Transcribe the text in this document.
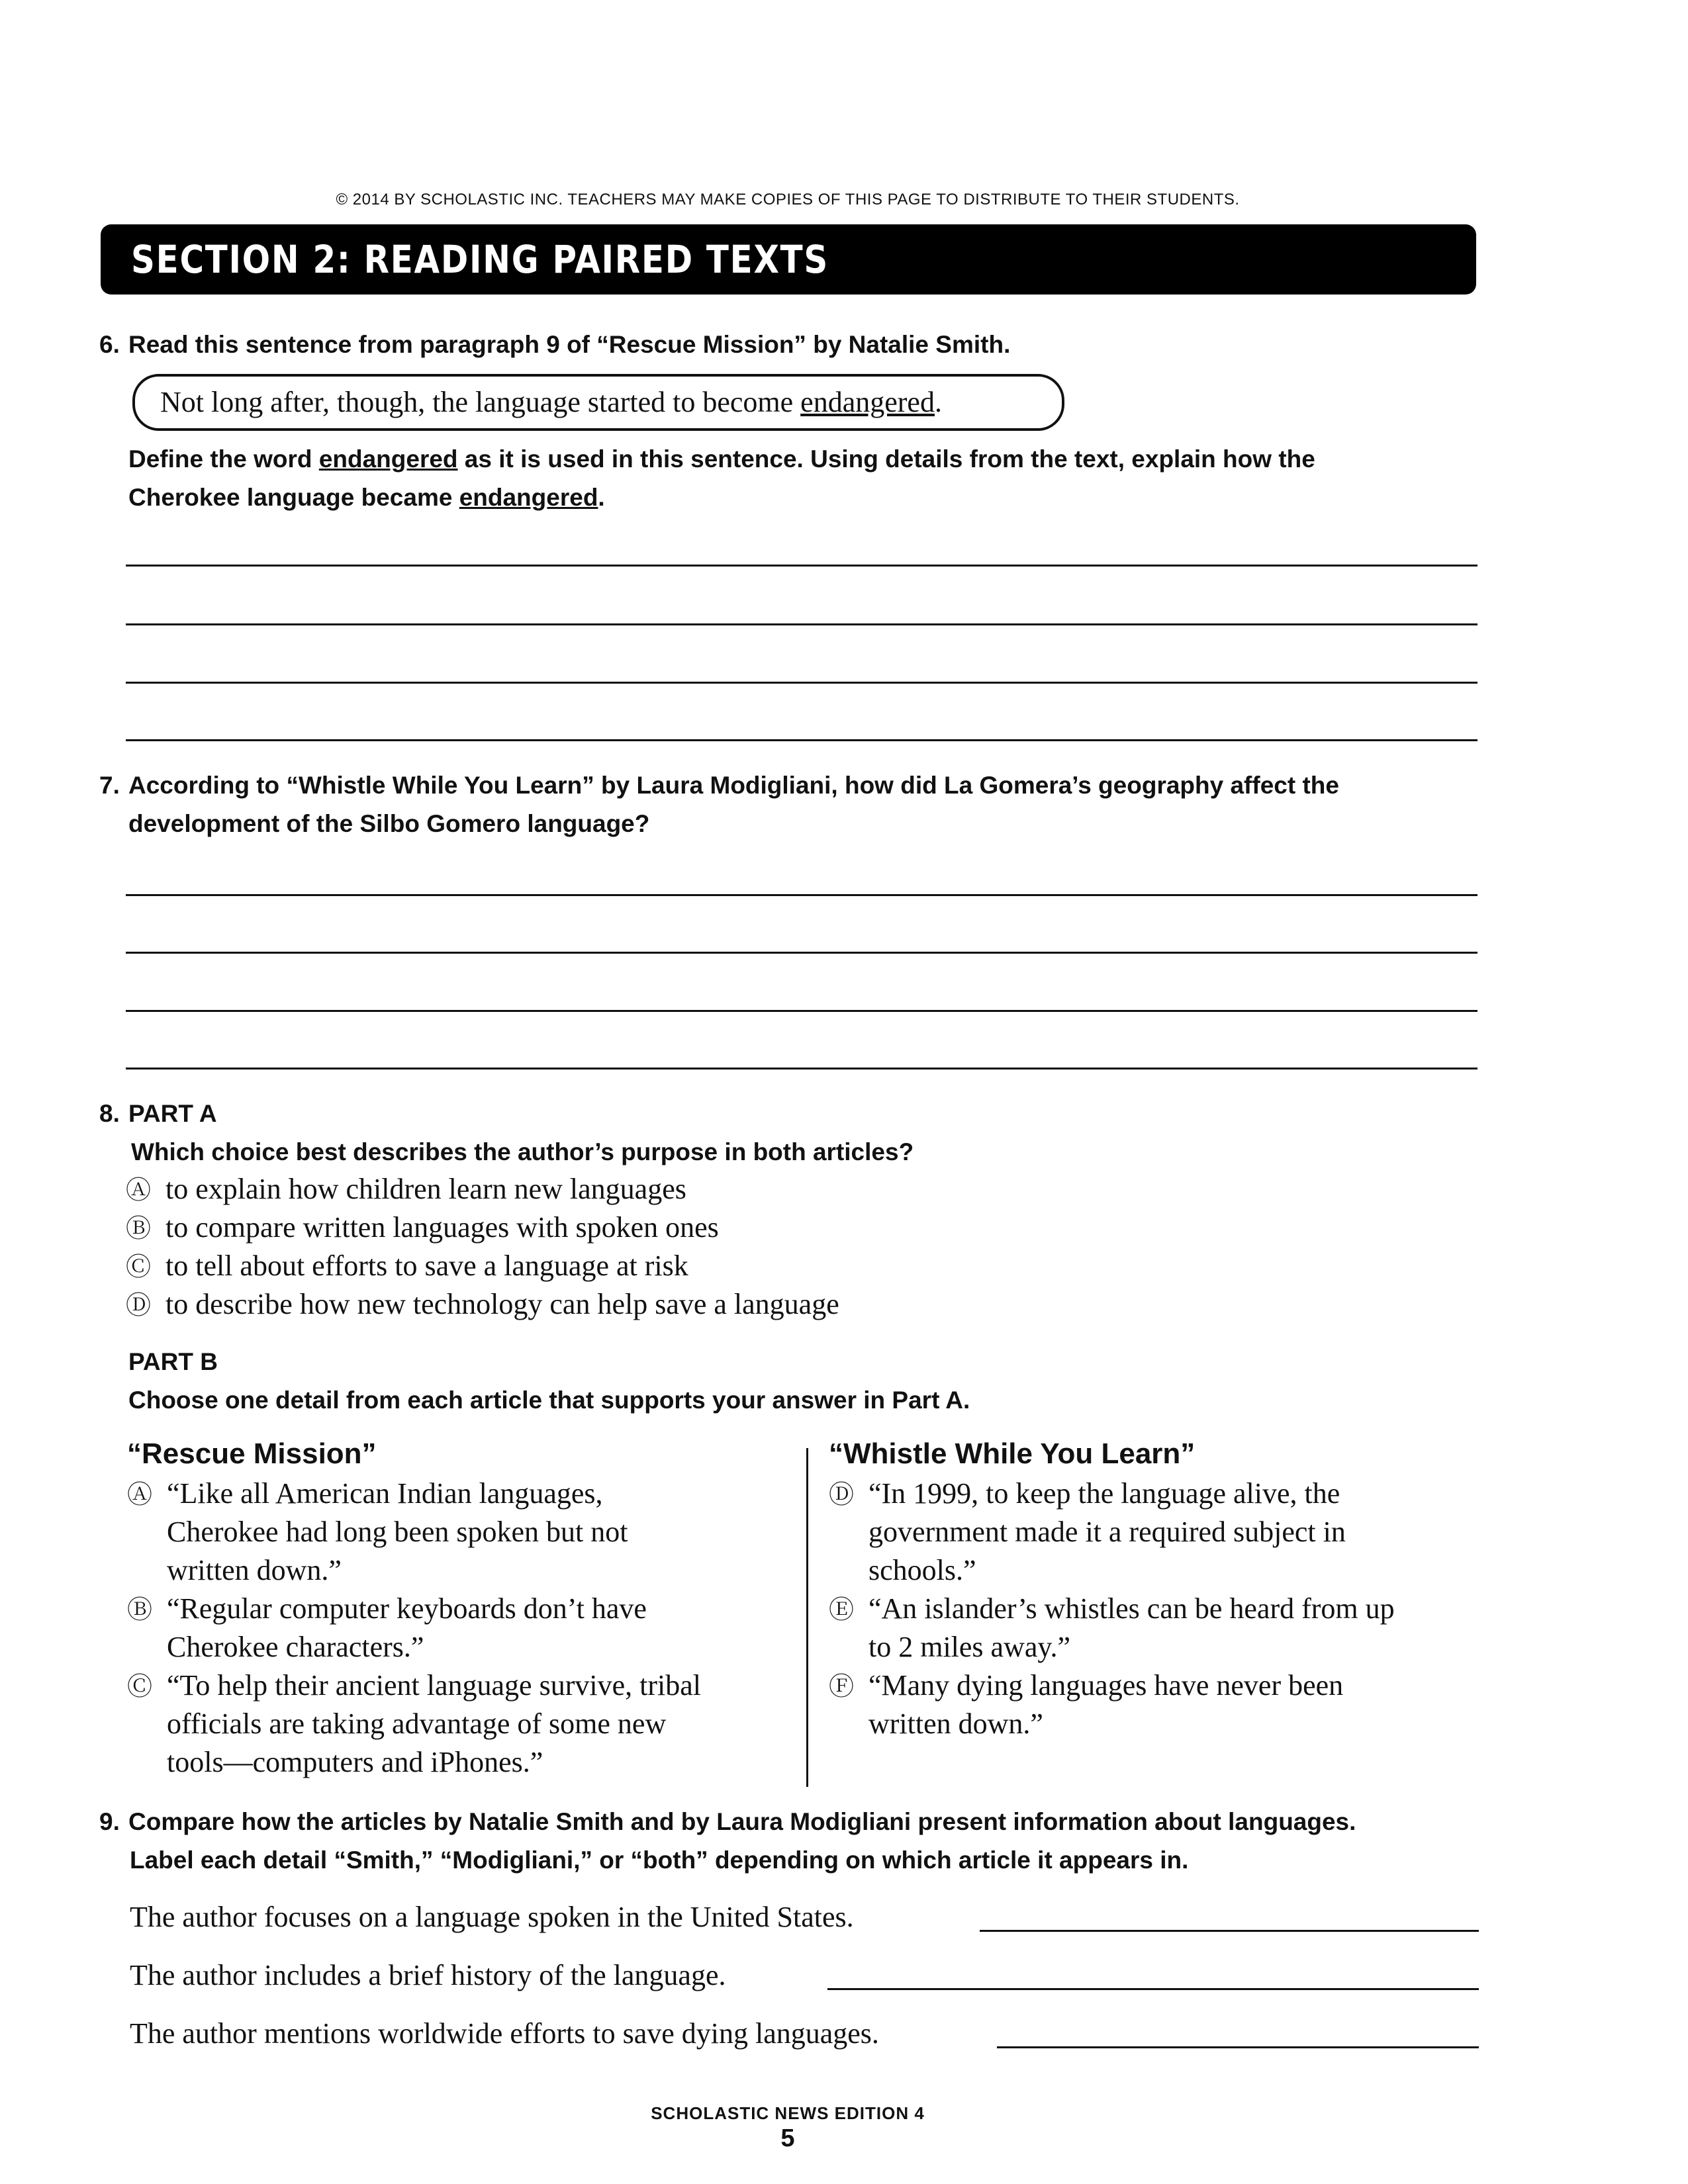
© 2014 BY SCHOLASTIC INC. TEACHERS MAY MAKE COPIES OF THIS PAGE TO DISTRIBUTE TO THEIR STUDENTS.
SECTION 2: READING PAIRED TEXTS
6. Read this sentence from paragraph 9 of “Rescue Mission” by Natalie Smith.
Not long after, though, the language started to become endangered.
Define the word endangered as it is used in this sentence. Using details from the text, explain how the
Cherokee language became endangered.
7. According to “Whistle While You Learn” by Laura Modigliani, how did La Gomera’s geography affect the
development of the Silbo Gomero language?
8. PART A
Which choice best describes the author’s purpose in both articles?
Ⓐ to explain how children learn new languages
Ⓑ to compare written languages with spoken ones
Ⓒ to tell about efforts to save a language at risk
Ⓓ to describe how new technology can help save a language
PART B
Choose one detail from each article that supports your answer in Part A.
“Rescue Mission”	“Whistle While You Learn”
Ⓐ “Like all American Indian languages,
Cherokee had long been spoken but not
written down.”
Ⓑ “Regular computer keyboards don’t have
Cherokee characters.”
Ⓒ “To help their ancient language survive, tribal
officials are taking advantage of some new
tools—computers and iPhones.”
Ⓓ “In 1999, to keep the language alive, the
government made it a required subject in
schools.”
Ⓔ “An islander’s whistles can be heard from up
to 2 miles away.”
Ⓕ “Many dying languages have never been
written down.”
9. Compare how the articles by Natalie Smith and by Laura Modigliani present information about languages.
Label each detail “Smith,” “Modigliani,” or “both” depending on which article it appears in.
The author focuses on a language spoken in the United States.
The author includes a brief history of the language.
The author mentions worldwide efforts to save dying languages.
SCHOLASTIC NEWS EDITION 4
5
